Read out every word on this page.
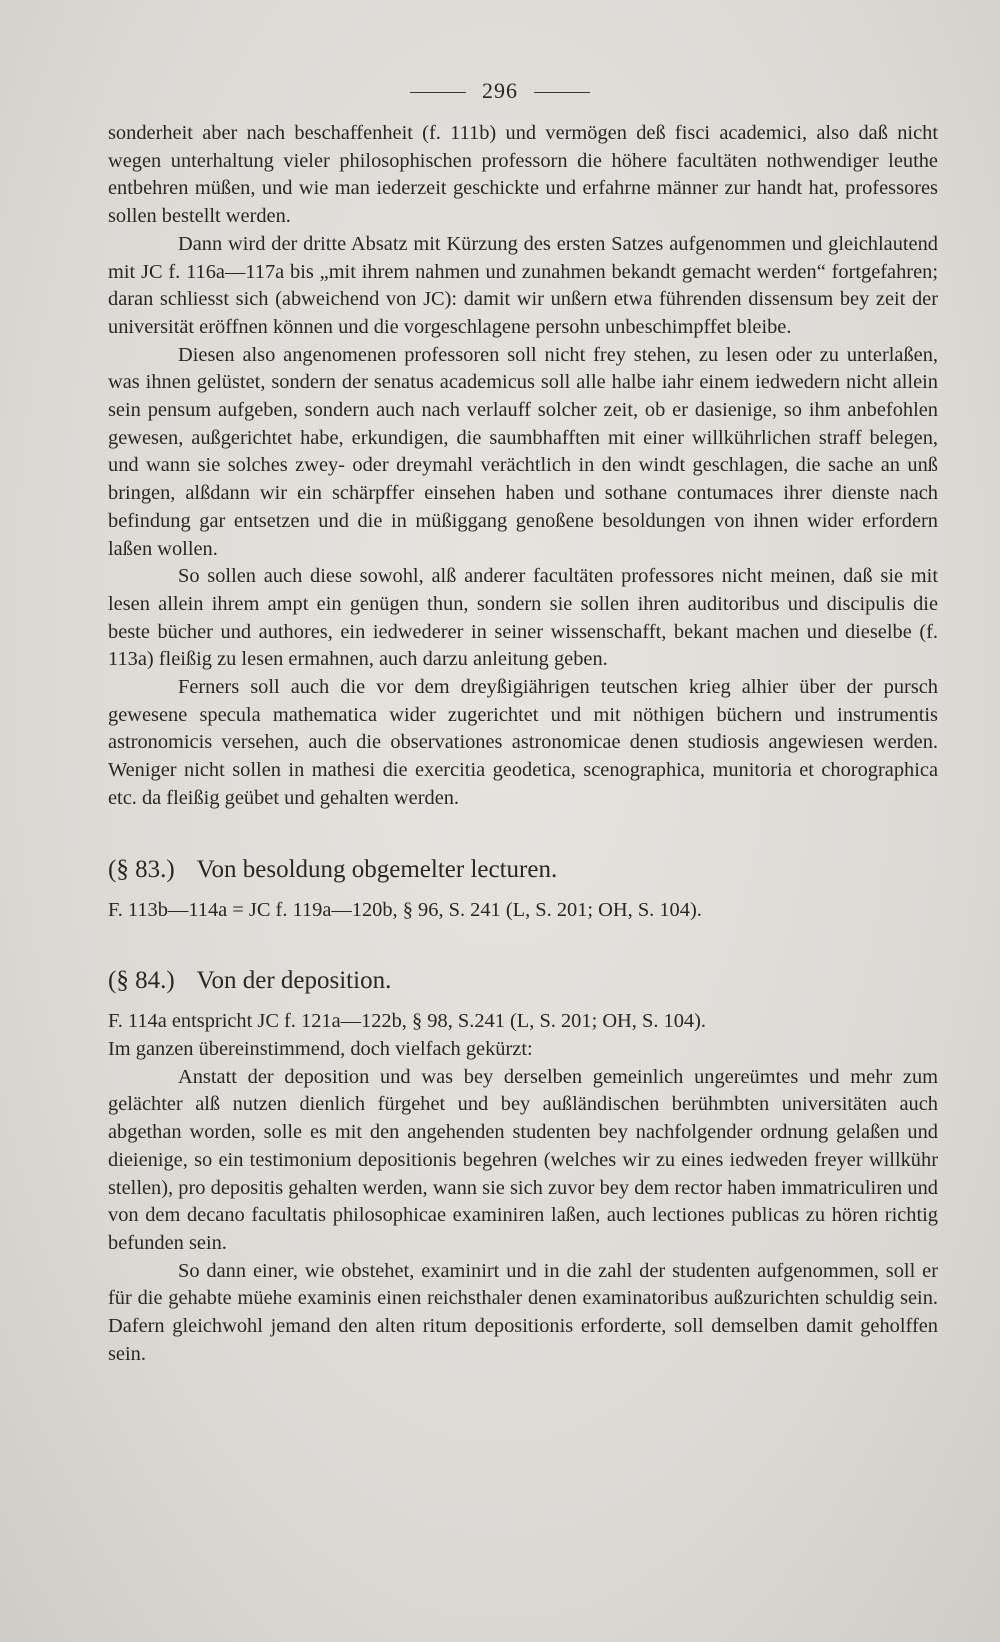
296

sonderheit aber nach beschaffenheit (f. 111b) und vermögen deß fisci academici, also daß nicht wegen unterhaltung vieler philosophischen professorn die höhere facultäten nothwendiger leuthe entbehren müßen, und wie man iederzeit geschickte und erfahrne männer zur handt hat, professores sollen bestellt werden.

Dann wird der dritte Absatz mit Kürzung des ersten Satzes aufgenommen und gleichlautend mit JC f. 116a—117a bis „mit ihrem nahmen und zunahmen bekandt gemacht werden“ fortgefahren; daran schliesst sich (abweichend von JC): damit wir unßern etwa führenden dissensum bey zeit der universität eröffnen können und die vorgeschlagene persohn unbeschimpffet bleibe.

Diesen also angenomenen professoren soll nicht frey stehen, zu lesen oder zu unterlaßen, was ihnen gelüstet, sondern der senatus academicus soll alle halbe iahr einem iedwedern nicht allein sein pensum aufgeben, sondern auch nach verlauff solcher zeit, ob er dasienige, so ihm anbefohlen gewesen, außgerichtet habe, erkundigen, die saumbhafften mit einer willkührlichen straff belegen, und wann sie solches zwey- oder dreymahl verächtlich in den windt geschlagen, die sache an unß bringen, alßdann wir ein schärpffer einsehen haben und sothane contumaces ihrer dienste nach befindung gar entsetzen und die in müßiggang genoßene besoldungen von ihnen wider erfordern laßen wollen.

So sollen auch diese sowohl, alß anderer facultäten professores nicht meinen, daß sie mit lesen allein ihrem ampt ein genügen thun, sondern sie sollen ihren auditoribus und discipulis die beste bücher und authores, ein iedwederer in seiner wissenschafft, bekant machen und dieselbe (f. 113a) fleißig zu lesen ermahnen, auch darzu anleitung geben.

Ferners soll auch die vor dem dreyßigiährigen teutschen krieg alhier über der pursch gewesene specula mathematica wider zugerichtet und mit nöthigen büchern und instrumentis astronomicis versehen, auch die observationes astronomicae denen studiosis angewiesen werden. Weniger nicht sollen in mathesi die exercitia geodetica, scenographica, munitoria et chorographica etc. da fleißig geübet und gehalten werden.

(§ 83.) Von besoldung obgemelter lecturen.

F. 113b—114a = JC f. 119a—120b, § 96, S. 241 (L, S. 201; OH, S. 104).

(§ 84.) Von der deposition.

F. 114a entspricht JC f. 121a—122b, § 98, S.241 (L, S. 201; OH, S. 104).

Im ganzen übereinstimmend, doch vielfach gekürzt:

Anstatt der deposition und was bey derselben gemeinlich ungereümtes und mehr zum gelächter alß nutzen dienlich fürgehet und bey außländischen berühmbten universitäten auch abgethan worden, solle es mit den angehenden studenten bey nachfolgender ordnung gelaßen und dieienige, so ein testimonium depositionis begehren (welches wir zu eines iedweden freyer willkühr stellen), pro depositis gehalten werden, wann sie sich zuvor bey dem rector haben immatriculiren und von dem decano facultatis philosophicae examiniren laßen, auch lectiones publicas zu hören richtig befunden sein.

So dann einer, wie obstehet, examinirt und in die zahl der studenten aufgenommen, soll er für die gehabte müehe examinis einen reichsthaler denen examinatoribus außzurichten schuldig sein. Dafern gleichwohl jemand den alten ritum depositionis erforderte, soll demselben damit geholffen sein.
